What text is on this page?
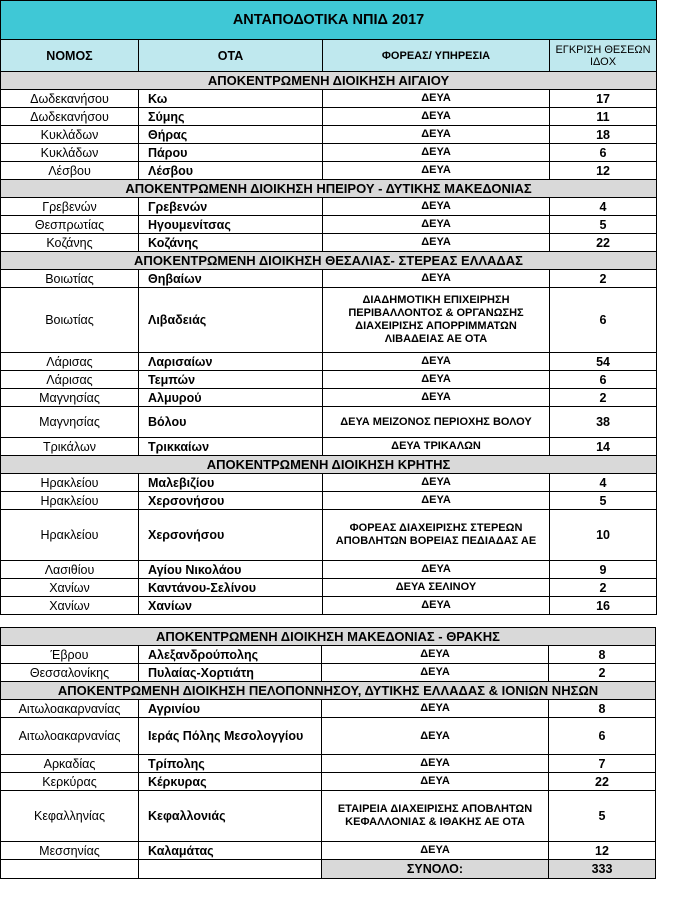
ΑΝΤΑΠΟΔΟΤΙΚΑ ΝΠΙΔ 2017			
ΝΟΜΟΣ	ΟΤΑ	ΦΟΡΕΑΣ/ ΥΠΗΡΕΣΙΑ	ΕΓΚΡΙΣΗ ΘΕΣΕΩΝ ΙΔΟΧ
ΑΠΟΚΕΝΤΡΩΜΕΝΗ ΔΙΟΙΚΗΣΗ ΑΙΓΑΙΟΥ			
Δωδεκανήσου	Κω	ΔΕΥΑ	17
Δωδεκανήσου	Σύμης	ΔΕΥΑ	11
Κυκλάδων	Θήρας	ΔΕΥΑ	18
Κυκλάδων	Πάρου	ΔΕΥΑ	6
Λέσβου	Λέσβου	ΔΕΥΑ	12
ΑΠΟΚΕΝΤΡΩΜΕΝΗ ΔΙΟΙΚΗΣΗ ΗΠΕΙΡΟΥ - ΔΥΤΙΚΗΣ ΜΑΚΕΔΟΝΙΑΣ			
Γρεβενών	Γρεβενών	ΔΕΥΑ	4
Θεσπρωτίας	Ηγουμενίτσας	ΔΕΥΑ	5
Κοζάνης	Κοζάνης	ΔΕΥΑ	22
ΑΠΟΚΕΝΤΡΩΜΕΝΗ ΔΙΟΙΚΗΣΗ ΘΕΣΑΛΙΑΣ- ΣΤΕΡΕΑΣ ΕΛΛΑΔΑΣ			
Βοιωτίας	Θηβαίων	ΔΕΥΑ	2
Βοιωτίας	Λιβαδειάς	ΔΙΑΔΗΜΟΤΙΚΗ ΕΠΙΧΕΙΡΗΣΗ ΠΕΡΙΒΑΛΛΟΝΤΟΣ & ΟΡΓΑΝΩΣΗΣ ΔΙΑΧΕΙΡΙΣΗΣ ΑΠΟΡΡΙΜΜΑΤΩΝ ΛΙΒΑΔΕΙΑΣ ΑΕ ΟΤΑ	6
Λάρισας	Λαρισαίων	ΔΕΥΑ	54
Λάρισας	Τεμπών	ΔΕΥΑ	6
Μαγνησίας	Αλμυρού	ΔΕΥΑ	2
Μαγνησίας	Βόλου	ΔΕΥΑ ΜΕΙΖΟΝΟΣ ΠΕΡΙΟΧΗΣ ΒΟΛΟΥ	38
Τρικάλων	Τρικκαίων	ΔΕΥΑ ΤΡΙΚΑΛΩΝ	14
ΑΠΟΚΕΝΤΡΩΜΕΝΗ ΔΙΟΙΚΗΣΗ ΚΡΗΤΗΣ			
Ηρακλείου	Μαλεβιζίου	ΔΕΥΑ	4
Ηρακλείου	Χερσονήσου	ΔΕΥΑ	5
Ηρακλείου	Χερσονήσου	ΦΟΡΕΑΣ ΔΙΑΧΕΙΡΙΣΗΣ ΣΤΕΡΕΩΝ ΑΠΟΒΛΗΤΩΝ ΒΟΡΕΙΑΣ ΠΕΔΙΑΔΑΣ ΑΕ	10
Λασιθίου	Αγίου Νικολάου	ΔΕΥΑ	9
Χανίων	Καντάνου-Σελίνου	ΔΕΥΑ ΣΕΛΙΝΟΥ	2
Χανίων	Χανίων	ΔΕΥΑ	16
ΑΠΟΚΕΝΤΡΩΜΕΝΗ ΔΙΟΙΚΗΣΗ ΜΑΚΕΔΟΝΙΑΣ - ΘΡΑΚΗΣ			
Έβρου	Αλεξανδρούπολης	ΔΕΥΑ	8
Θεσσαλονίκης	Πυλαίας-Χορτιάτη	ΔΕΥΑ	2
ΑΠΟΚΕΝΤΡΩΜΕΝΗ ΔΙΟΙΚΗΣΗ ΠΕΛΟΠΟΝΝΗΣΟΥ, ΔΥΤΙΚΗΣ ΕΛΛΑΔΑΣ & ΙΟΝΙΩΝ ΝΗΣΩΝ			
Αιτωλοακαρνανίας	Αγρινίου	ΔΕΥΑ	8
Αιτωλοακαρνανίας	Ιεράς Πόλης Μεσολογγίου	ΔΕΥΑ	6
Αρκαδίας	Τρίπολης	ΔΕΥΑ	7
Κερκύρας	Κέρκυρας	ΔΕΥΑ	22
Κεφαλληνίας	Κεφαλλονιάς	ΕΤΑΙΡΕΙΑ ΔΙΑΧΕΙΡΙΣΗΣ ΑΠΟΒΛΗΤΩΝ ΚΕΦΑΛΛΟΝΙΑΣ & ΙΘΑΚΗΣ ΑΕ ΟΤΑ	5
Μεσσηνίας	Καλαμάτας	ΔΕΥΑ	12
		ΣΥΝΟΛΟ:	333
